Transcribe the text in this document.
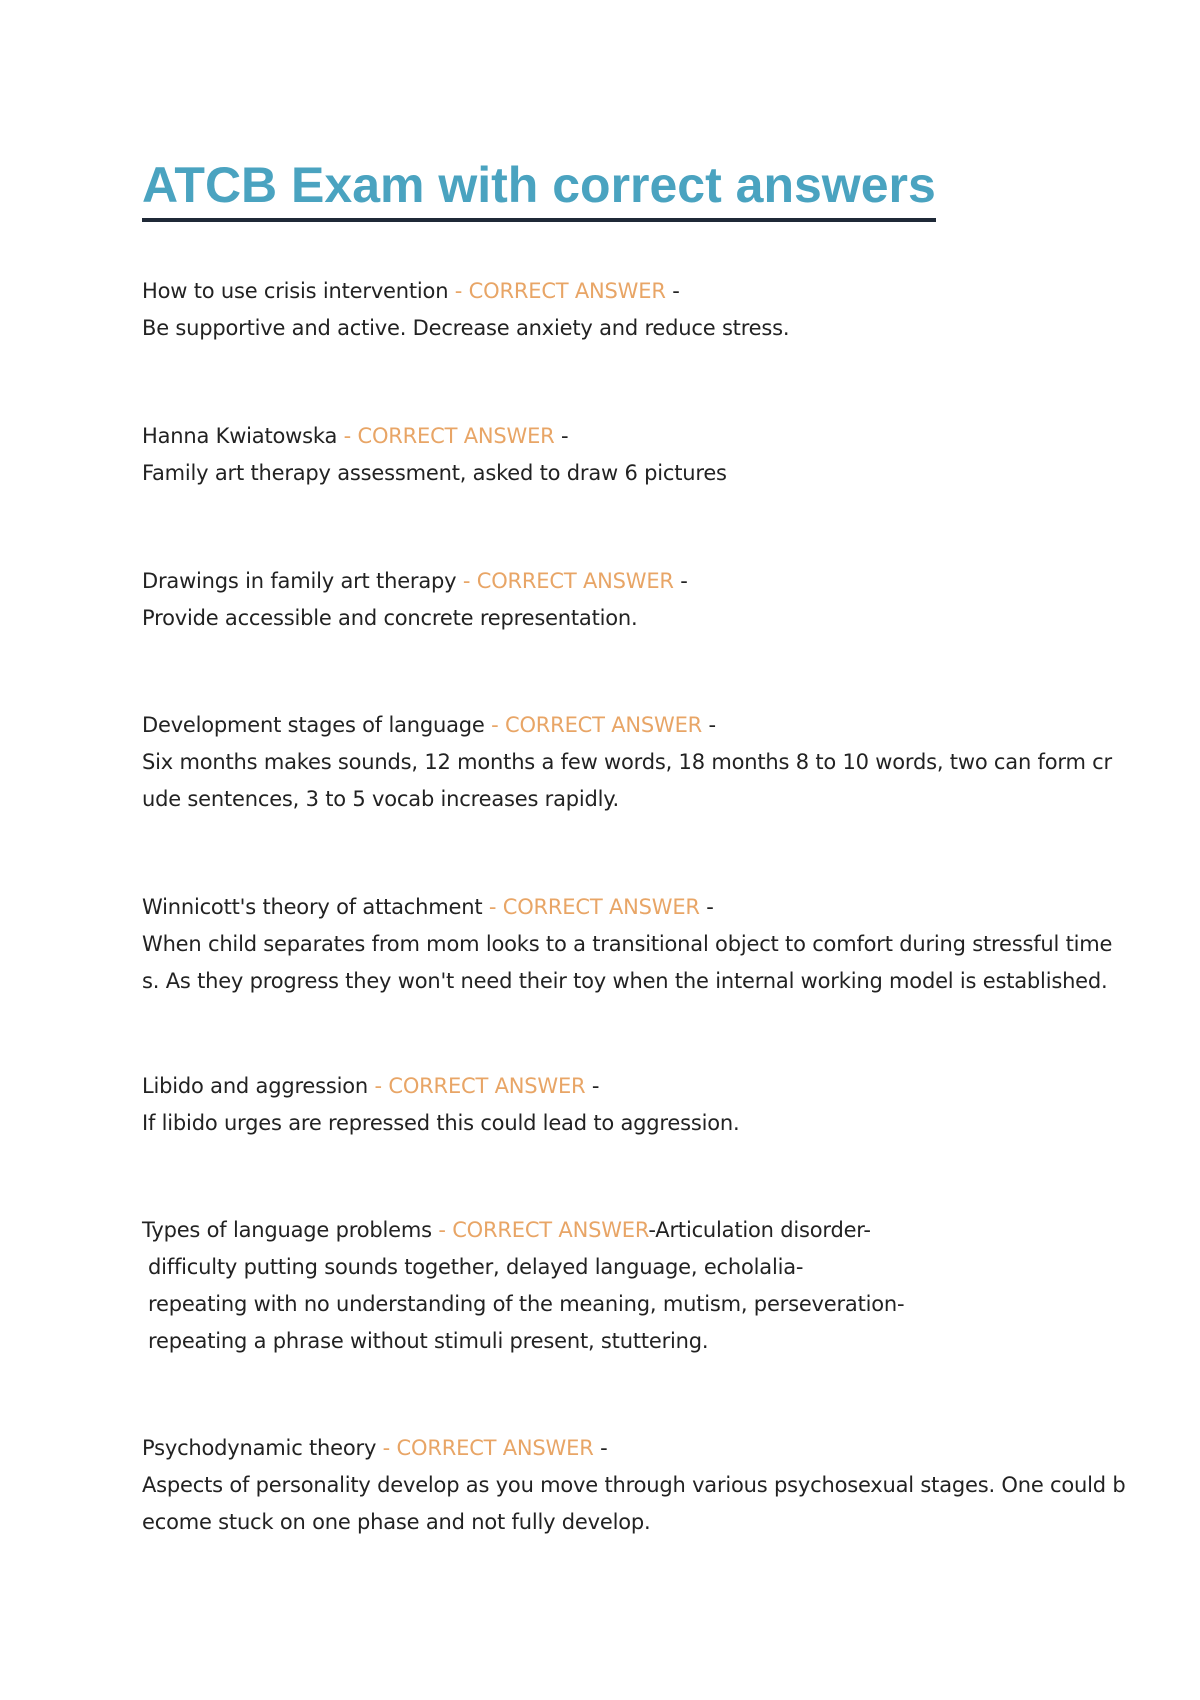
ATCB Exam with correct answers
How to use crisis intervention - CORRECT ANSWER -
Be supportive and active. Decrease anxiety and reduce stress.
Hanna Kwiatowska - CORRECT ANSWER -
Family art therapy assessment, asked to draw 6 pictures
Drawings in family art therapy - CORRECT ANSWER -
Provide accessible and concrete representation.
Development stages of language - CORRECT ANSWER -
Six months makes sounds, 12 months a few words, 18 months 8 to 10 words, two can form cr
ude sentences, 3 to 5 vocab increases rapidly.
Winnicott's theory of attachment - CORRECT ANSWER -
When child separates from mom looks to a transitional object to comfort during stressful time
s. As they progress they won't need their toy when the internal working model is established.
Libido and aggression - CORRECT ANSWER -
If libido urges are repressed this could lead to aggression.
Types of language problems - CORRECT ANSWER-Articulation disorder-
difficulty putting sounds together, delayed language, echolalia-
repeating with no understanding of the meaning, mutism, perseveration-
repeating a phrase without stimuli present, stuttering.
Psychodynamic theory - CORRECT ANSWER -
Aspects of personality develop as you move through various psychosexual stages. One could b
ecome stuck on one phase and not fully develop.
